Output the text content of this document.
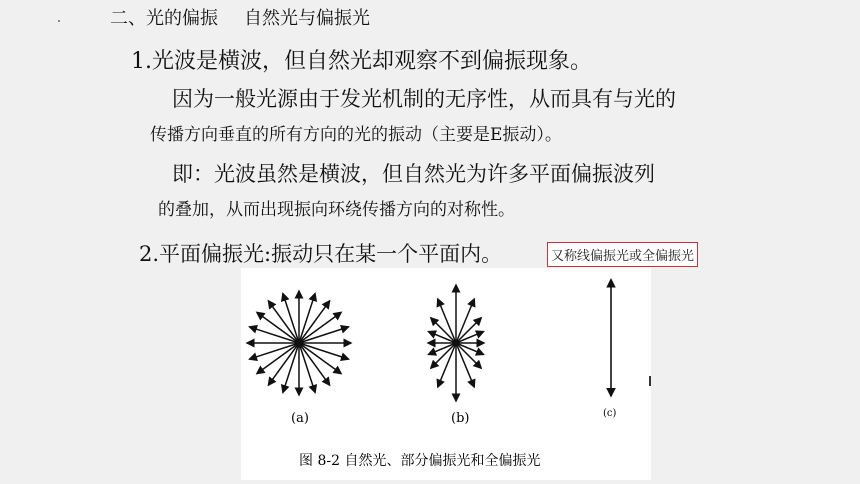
二、光的偏振 自然光与偏振光
1.光波是横波，但自然光却观察不到偏振现象。
因为一般光源由于发光机制的无序性，从而具有与光的
传播方向垂直的所有方向的光的振动（主要是E振动）。
即：光波虽然是横波，但自然光为许多平面偏振波列
的叠加，从而出现振向环绕传播方向的对称性。
2.平面偏振光:振动只在某一个平面内。	又称线偏振光或全偏振光
(a)	(b)	(c)
图 8-2 自然光、部分偏振光和全偏振光
